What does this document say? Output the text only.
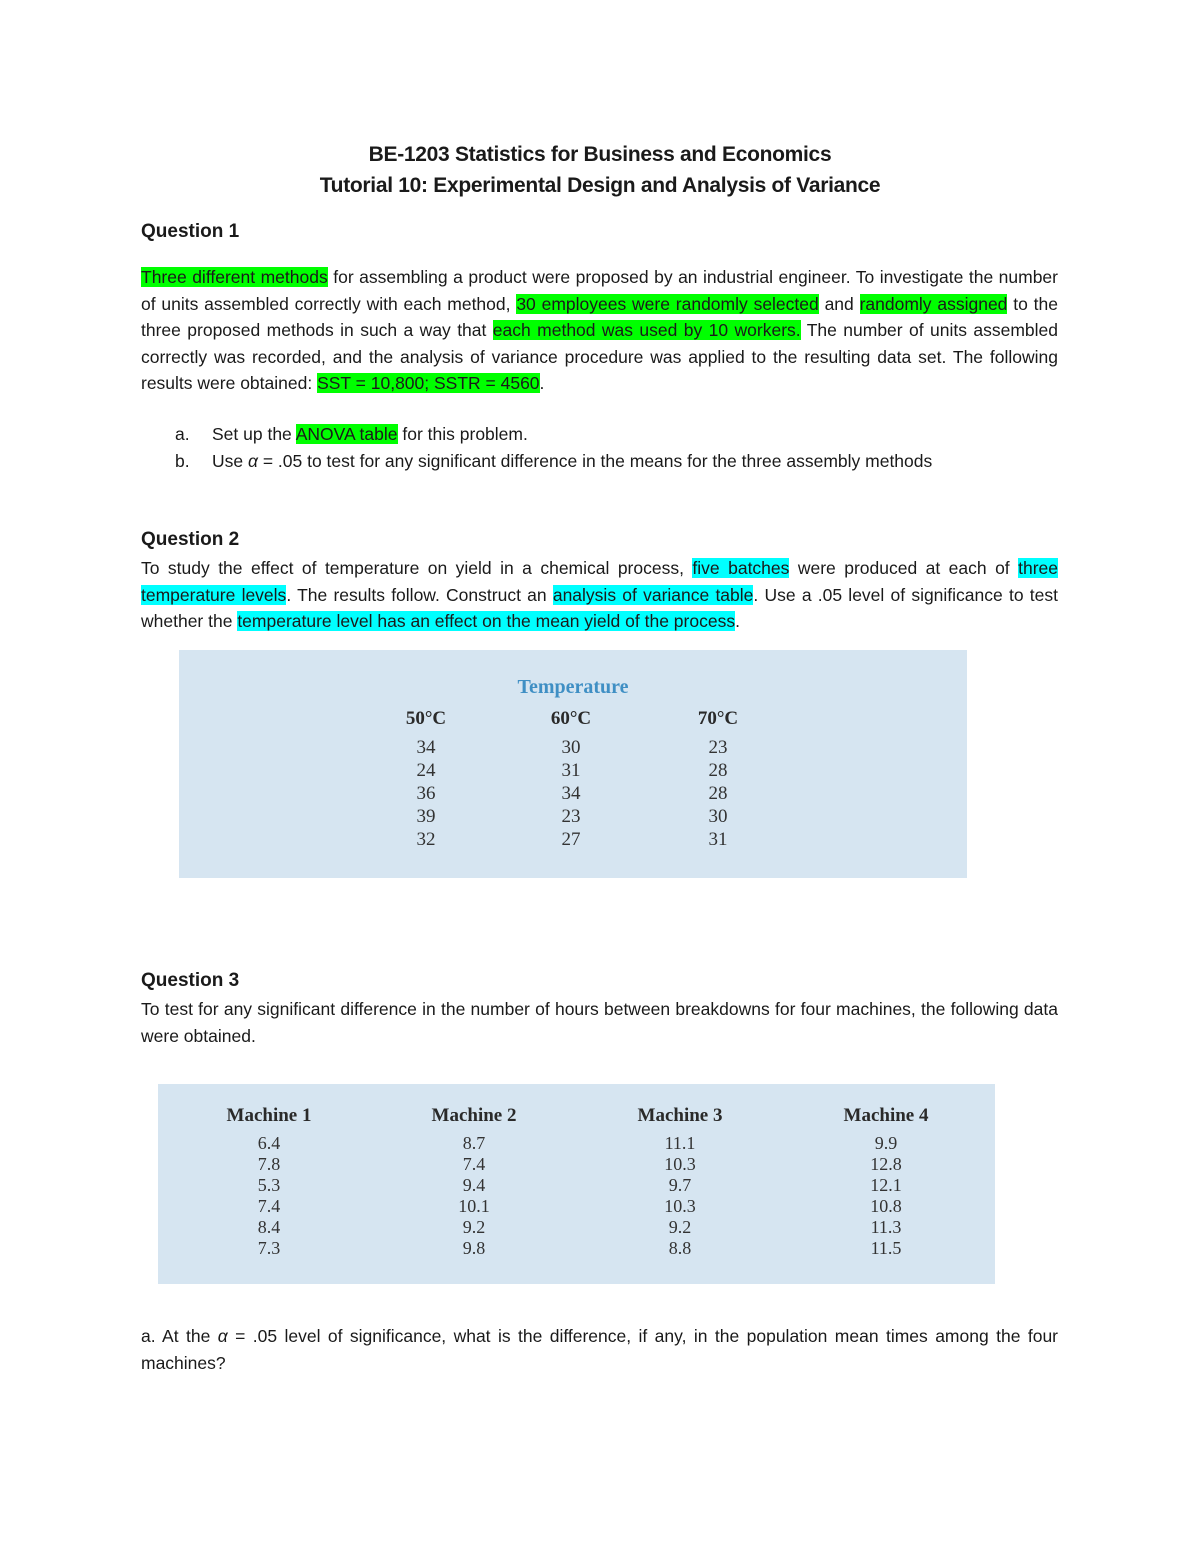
BE-1203 Statistics for Business and Economics
Tutorial 10: Experimental Design and Analysis of Variance
Question 1
Three different methods for assembling a product were proposed by an industrial engineer. To investigate the number of units assembled correctly with each method, 30 employees were randomly selected and randomly assigned to the three proposed methods in such a way that each method was used by 10 workers. The number of units assembled correctly was recorded, and the analysis of variance procedure was applied to the resulting data set. The following results were obtained: SST = 10,800; SSTR = 4560.
a. Set up the ANOVA table for this problem.
b. Use α = .05 to test for any significant difference in the means for the three assembly methods
Question 2
To study the effect of temperature on yield in a chemical process, five batches were produced at each of three temperature levels. The results follow. Construct an analysis of variance table. Use a .05 level of significance to test whether the temperature level has an effect on the mean yield of the process.
Temperature
50°C
34
24
36
39
32
60°C
30
31
34
23
27
70°C
23
28
28
30
31
Question 3
To test for any significant difference in the number of hours between breakdowns for four machines, the following data were obtained.
Machine 1
6.4
7.8
5.3
7.4
8.4
7.3
Machine 2
8.7
7.4
9.4
10.1
9.2
9.8
Machine 3
11.1
10.3
9.7
10.3
9.2
8.8
Machine 4
9.9
12.8
12.1
10.8
11.3
11.5
a. At the α = .05 level of significance, what is the difference, if any, in the population mean times among the four machines?
